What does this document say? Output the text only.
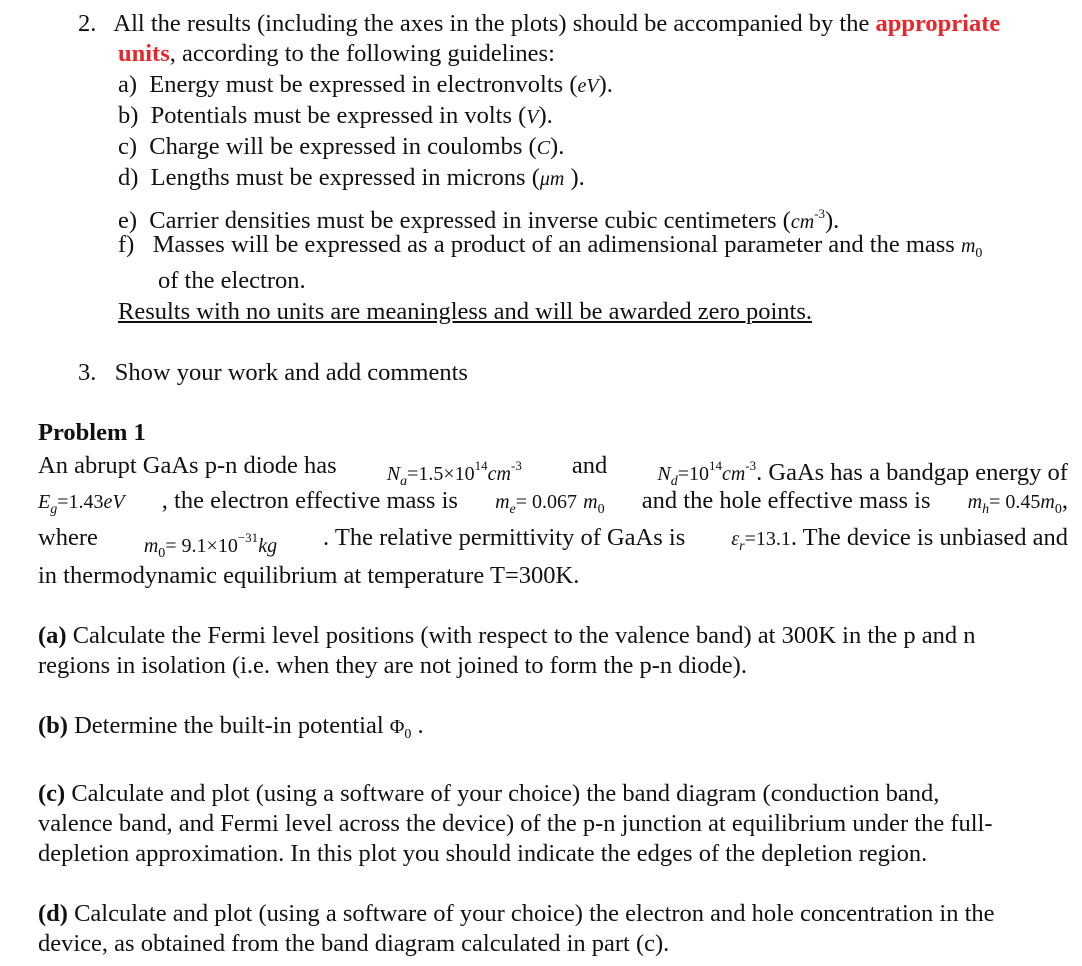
2. All the results (including the axes in the plots) should be accompanied by the appropriate
units, according to the following guidelines:
a) Energy must be expressed in electronvolts (eV).
b) Potentials must be expressed in volts (V).
c) Charge will be expressed in coulombs (C).
d) Lengths must be expressed in microns (μm ).
e) Carrier densities must be expressed in inverse cubic centimeters $(cm^{-3})$.
f) Masses will be expressed as a product of an adimensional parameter and the mass $m_0$
of the electron.
Results with no units are meaningless and will be awarded zero points.
3. Show your work and add comments
Problem 1
An abrupt GaAs p-n diode has	$N_a=1.5\times 10^{14}cm^{-3}$ and	$N_d=10^{14}cm^{-3}$. GaAs has a bandgap energy of
$E_g=1.43eV$ , the electron effective mass is $m_e= 0.067$ $m_0$ and the hole effective mass is $m_h= 0.45m_0$,
where $m_0= 9.1\times 10^{-31}kg$ . The relative permittivity of GaAs is $\varepsilon_r=13.1$. The device is unbiased and
in thermodynamic equilibrium at temperature T=300K.
(a) Calculate the Fermi level positions (with respect to the valence band) at 300K in the p and n
regions in isolation (i.e. when they are not joined to form the p-n diode).
(b) Determine the built-in potential $\Phi_0$ .
(c) Calculate and plot (using a software of your choice) the band diagram (conduction band,
valence band, and Fermi level across the device) of the p-n junction at equilibrium under the full-
depletion approximation. In this plot you should indicate the edges of the depletion region.
(d) Calculate and plot (using a software of your choice) the electron and hole concentration in the
device, as obtained from the band diagram calculated in part (c).
